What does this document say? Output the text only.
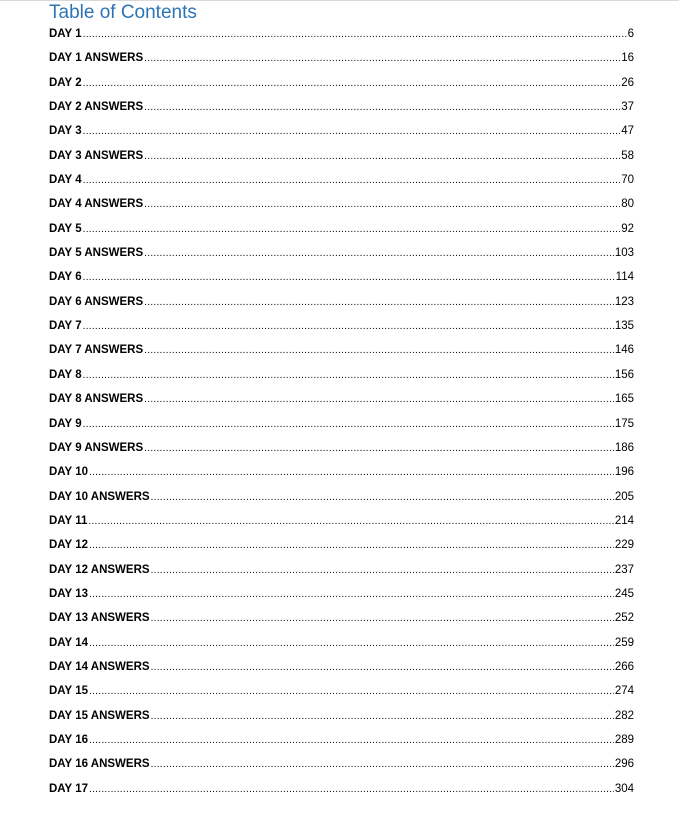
Table of Contents
DAY 1 .....	6
DAY 1 ANSWERS .....	16
DAY 2 .....	26
DAY 2 ANSWERS .....	37
DAY 3 .....	47
DAY 3 ANSWERS .....	58
DAY 4 .....	70
DAY 4 ANSWERS .....	80
DAY 5 .....	92
DAY 5 ANSWERS .....	103
DAY 6 .....	114
DAY 6 ANSWERS .....	123
DAY 7 .....	135
DAY 7 ANSWERS .....	146
DAY 8 .....	156
DAY 8 ANSWERS .....	165
DAY 9 .....	175
DAY 9 ANSWERS .....	186
DAY 10 .....	196
DAY 10 ANSWERS .....	205
DAY 11 .....	214
DAY 12 .....	229
DAY 12 ANSWERS .....	237
DAY 13 .....	245
DAY 13 ANSWERS .....	252
DAY 14 .....	259
DAY 14 ANSWERS .....	266
DAY 15 .....	274
DAY 15 ANSWERS .....	282
DAY 16 .....	289
DAY 16 ANSWERS .....	296
DAY 17 .....	304
